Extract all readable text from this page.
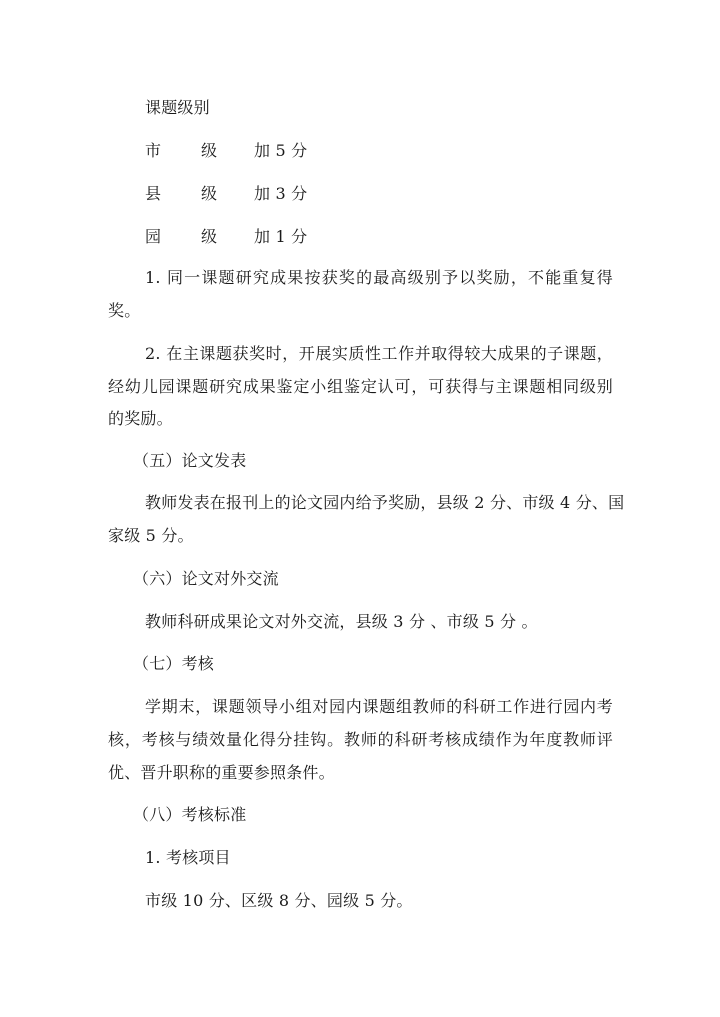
课题级别
市 级 加 5 分
县 级 加 3 分
园 级 加 1 分
1. 同一课题研究成果按获奖的最高级别予以奖励，不能重复得
奖。
2. 在主课题获奖时，开展实质性工作并取得较大成果的子课题，
经幼儿园课题研究成果鉴定小组鉴定认可，可获得与主课题相同级别
的奖励。
（五）论文发表
教师发表在报刊上的论文园内给予奖励，县级 2 分、市级 4 分、国
家级 5 分。
（六）论文对外交流
教师科研成果论文对外交流，县级 3 分 、市级 5 分 。
（七）考核
学期末，课题领导小组对园内课题组教师的科研工作进行园内考
核，考核与绩效量化得分挂钩。教师的科研考核成绩作为年度教师评
优、晋升职称的重要参照条件。
（八）考核标准
1. 考核项目
市级 10 分、区级 8 分、园级 5 分。
